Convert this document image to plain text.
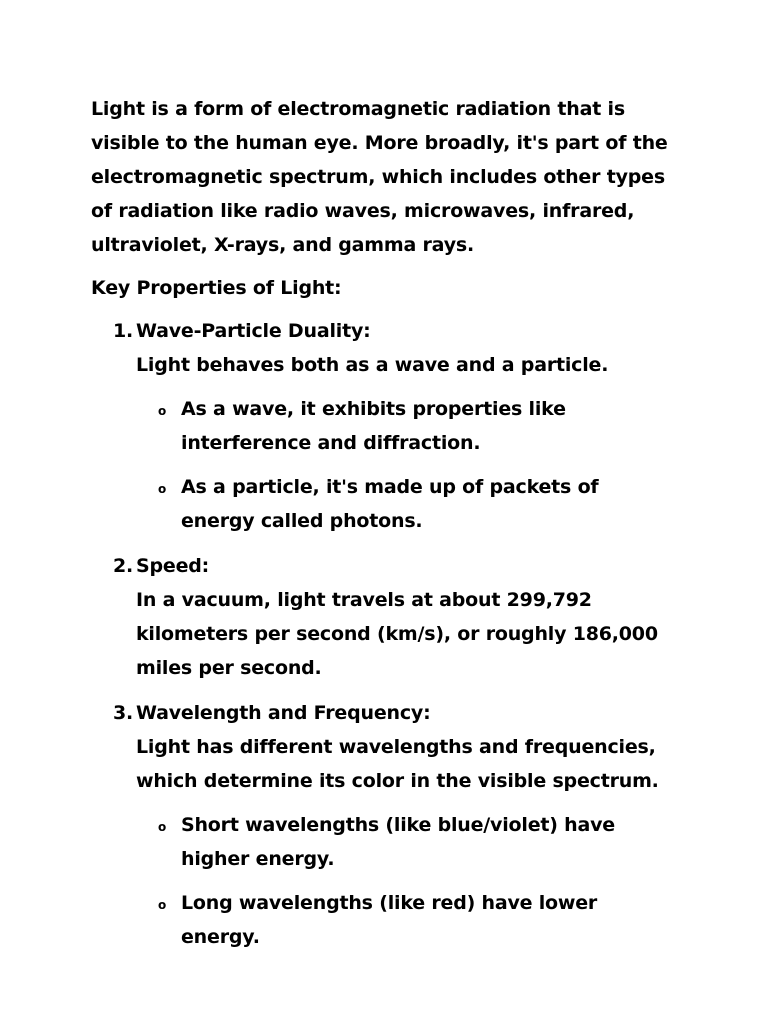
Light is a form of electromagnetic radiation that is visible to the human eye. More broadly, it's part of the electromagnetic spectrum, which includes other types of radiation like radio waves, microwaves, infrared, ultraviolet, X-rays, and gamma rays.

Key Properties of Light:

1. Wave-Particle Duality:
Light behaves both as a wave and a particle.
o As a wave, it exhibits properties like interference and diffraction.
o As a particle, it's made up of packets of energy called photons.
2. Speed:
In a vacuum, light travels at about 299,792 kilometers per second (km/s), or roughly 186,000 miles per second.
3. Wavelength and Frequency:
Light has different wavelengths and frequencies, which determine its color in the visible spectrum.
o Short wavelengths (like blue/violet) have higher energy.
o Long wavelengths (like red) have lower energy.
